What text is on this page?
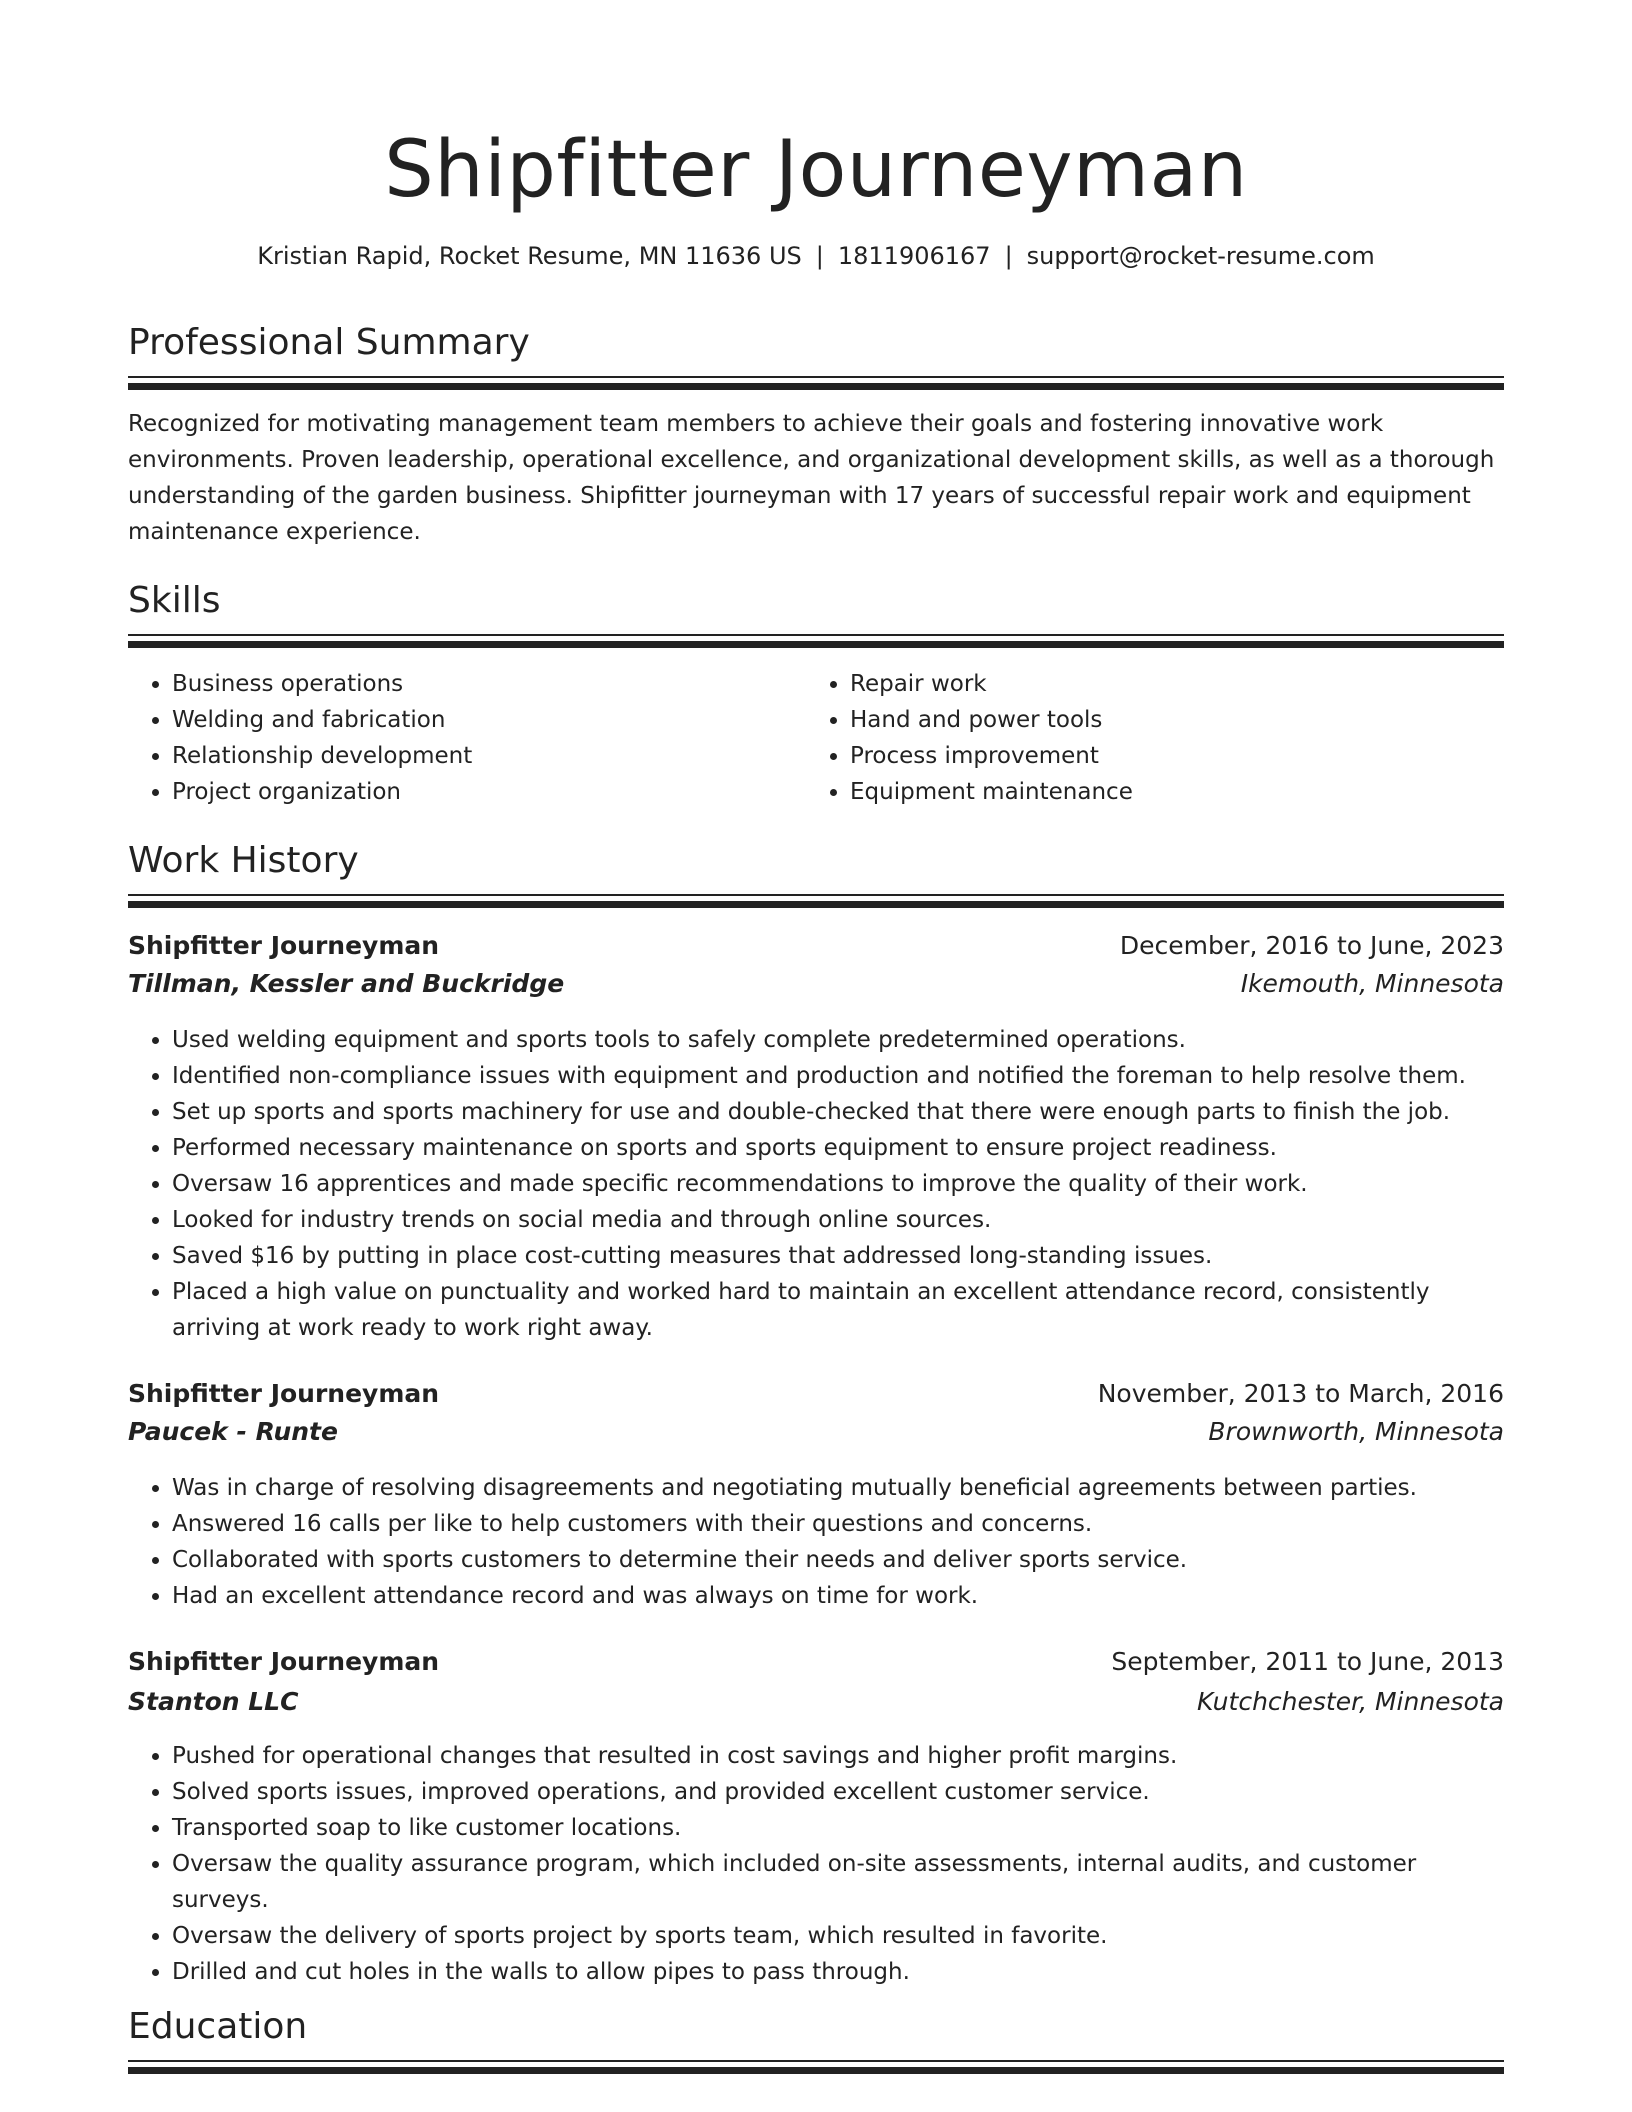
Shipfitter Journeyman
Kristian Rapid, Rocket Resume, MN 11636 US | 1811906167 | support@rocket-resume.com
Professional Summary

Recognized for motivating management team members to achieve their goals and fostering innovative work environments. Proven leadership, operational excellence, and organizational development skills, as well as a thorough understanding of the garden business. Shipfitter journeyman with 17 years of successful repair work and equipment maintenance experience.

Skills
• Business operations
• Welding and fabrication
• Relationship development
• Project organization
• Repair work
• Hand and power tools
• Process improvement
• Equipment maintenance
Work History
Shipfitter Journeyman	December, 2016 to June, 2023
Tillman, Kessler and Buckridge	Ikemouth, Minnesota
• Used welding equipment and sports tools to safely complete predetermined operations.
• Identified non-compliance issues with equipment and production and notified the foreman to help resolve them.
• Set up sports and sports machinery for use and double-checked that there were enough parts to finish the job.
• Performed necessary maintenance on sports and sports equipment to ensure project readiness.
• Oversaw 16 apprentices and made specific recommendations to improve the quality of their work.
• Looked for industry trends on social media and through online sources.
• Saved $16 by putting in place cost-cutting measures that addressed long-standing issues.
• Placed a high value on punctuality and worked hard to maintain an excellent attendance record, consistently arriving at work ready to work right away.
Shipfitter Journeyman	November, 2013 to March, 2016
Paucek - Runte	Brownworth, Minnesota
• Was in charge of resolving disagreements and negotiating mutually beneficial agreements between parties.
• Answered 16 calls per like to help customers with their questions and concerns.
• Collaborated with sports customers to determine their needs and deliver sports service.
• Had an excellent attendance record and was always on time for work.
Shipfitter Journeyman	September, 2011 to June, 2013
Stanton LLC	Kutchchester, Minnesota
• Pushed for operational changes that resulted in cost savings and higher profit margins.
• Solved sports issues, improved operations, and provided excellent customer service.
• Transported soap to like customer locations.
• Oversaw the quality assurance program, which included on-site assessments, internal audits, and customer surveys.
• Oversaw the delivery of sports project by sports team, which resulted in favorite.
• Drilled and cut holes in the walls to allow pipes to pass through.
Education
